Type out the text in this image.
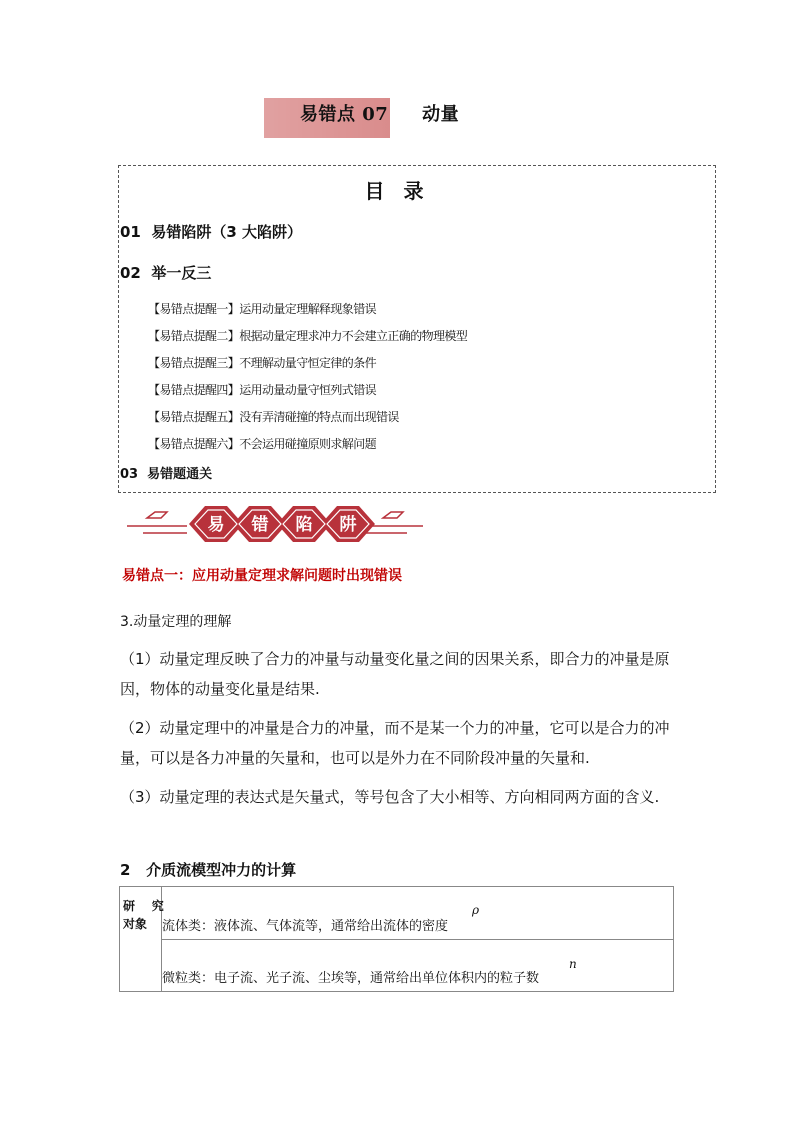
易错点 07 动量
目 录
01  易错陷阱（3 大陷阱）
02  举一反三
【易错点提醒一】运用动量定理解释现象错误
【易错点提醒二】根据动量定理求冲力不会建立正确的物理模型
【易错点提醒三】不理解动量守恒定律的条件
【易错点提醒四】运用动量动量守恒列式错误
【易错点提醒五】没有弄清碰撞的特点而出现错误
【易错点提醒六】不会运用碰撞原则求解问题
03  易错题通关
易 错 陷 阱
易错点一：应用动量定理求解问题时出现错误
3.动量定理的理解
（1）动量定理反映了合力的冲量与动量变化量之间的因果关系，即合力的冲量是原因，物体的动量变化量是结果.
（2）动量定理中的冲量是合力的冲量，而不是某一个力的冲量，它可以是合力的冲量，可以是各力冲量的矢量和，也可以是外力在不同阶段冲量的矢量和.
（3）动量定理的表达式是矢量式，等号包含了大小相等、方向相同两方面的含义.
2   介质流模型冲力的计算
研    究
对象 流体类：液体流、气体流等，通常给出流体的密度
ρ
微粒类：电子流、光子流、尘埃等，通常给出单位体积内的粒子数
n
